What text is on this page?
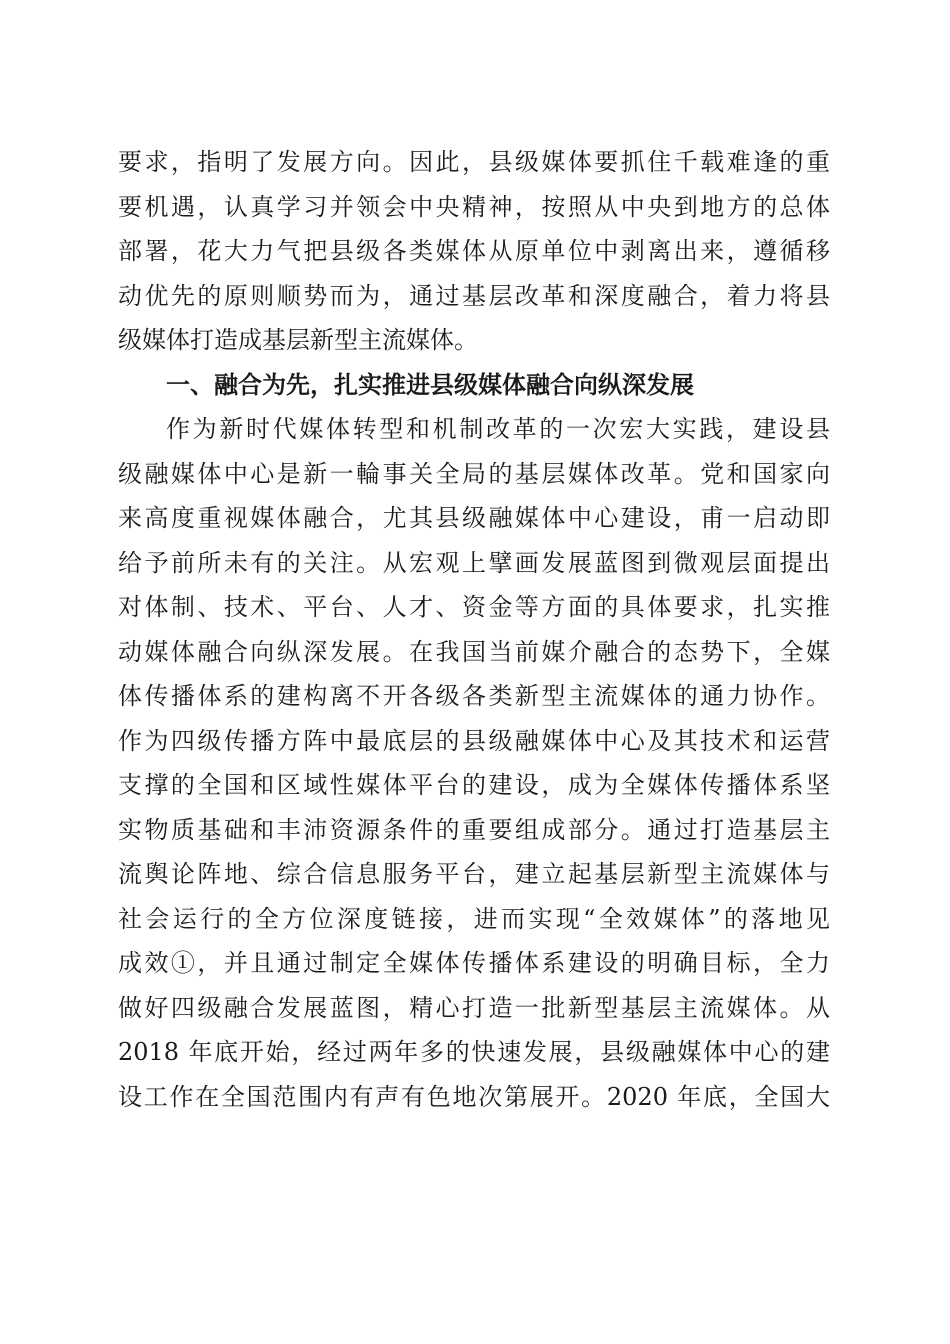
要求，指明了发展方向。因此，县级媒体要抓住千载难逢的重
要机遇，认真学习并领会中央精神，按照从中央到地方的总体
部署，花大力气把县级各类媒体从原单位中剥离出来，遵循移
动优先的原则顺势而为，通过基层改革和深度融合，着力将县
级媒体打造成基层新型主流媒体。
一、融合为先，扎实推进县级媒体融合向纵深发展
作为新时代媒体转型和机制改革的一次宏大实践，建设县
级融媒体中心是新一輪事关全局的基层媒体改革。党和国家向
来高度重视媒体融合，尤其县级融媒体中心建设，甫一启动即
给予前所未有的关注。从宏观上擘画发展蓝图到微观层面提出
对体制、技术、平台、人才、资金等方面的具体要求，扎实推
动媒体融合向纵深发展。在我国当前媒介融合的态势下，全媒
体传播体系的建构离不开各级各类新型主流媒体的通力协作。
作为四级传播方阵中最底层的县级融媒体中心及其技术和运营
支撑的全国和区域性媒体平台的建设，成为全媒体传播体系坚
实物质基础和丰沛资源条件的重要组成部分。通过打造基层主
流舆论阵地、综合信息服务平台，建立起基层新型主流媒体与
社会运行的全方位深度链接，进而实现“全效媒体”的落地见
成效①，并且通过制定全媒体传播体系建设的明确目标，全力
做好四级融合发展蓝图，精心打造一批新型基层主流媒体。从
2018 年底开始，经过两年多的快速发展，县级融媒体中心的建
设工作在全国范围内有声有色地次第展开。2020 年底，全国大
